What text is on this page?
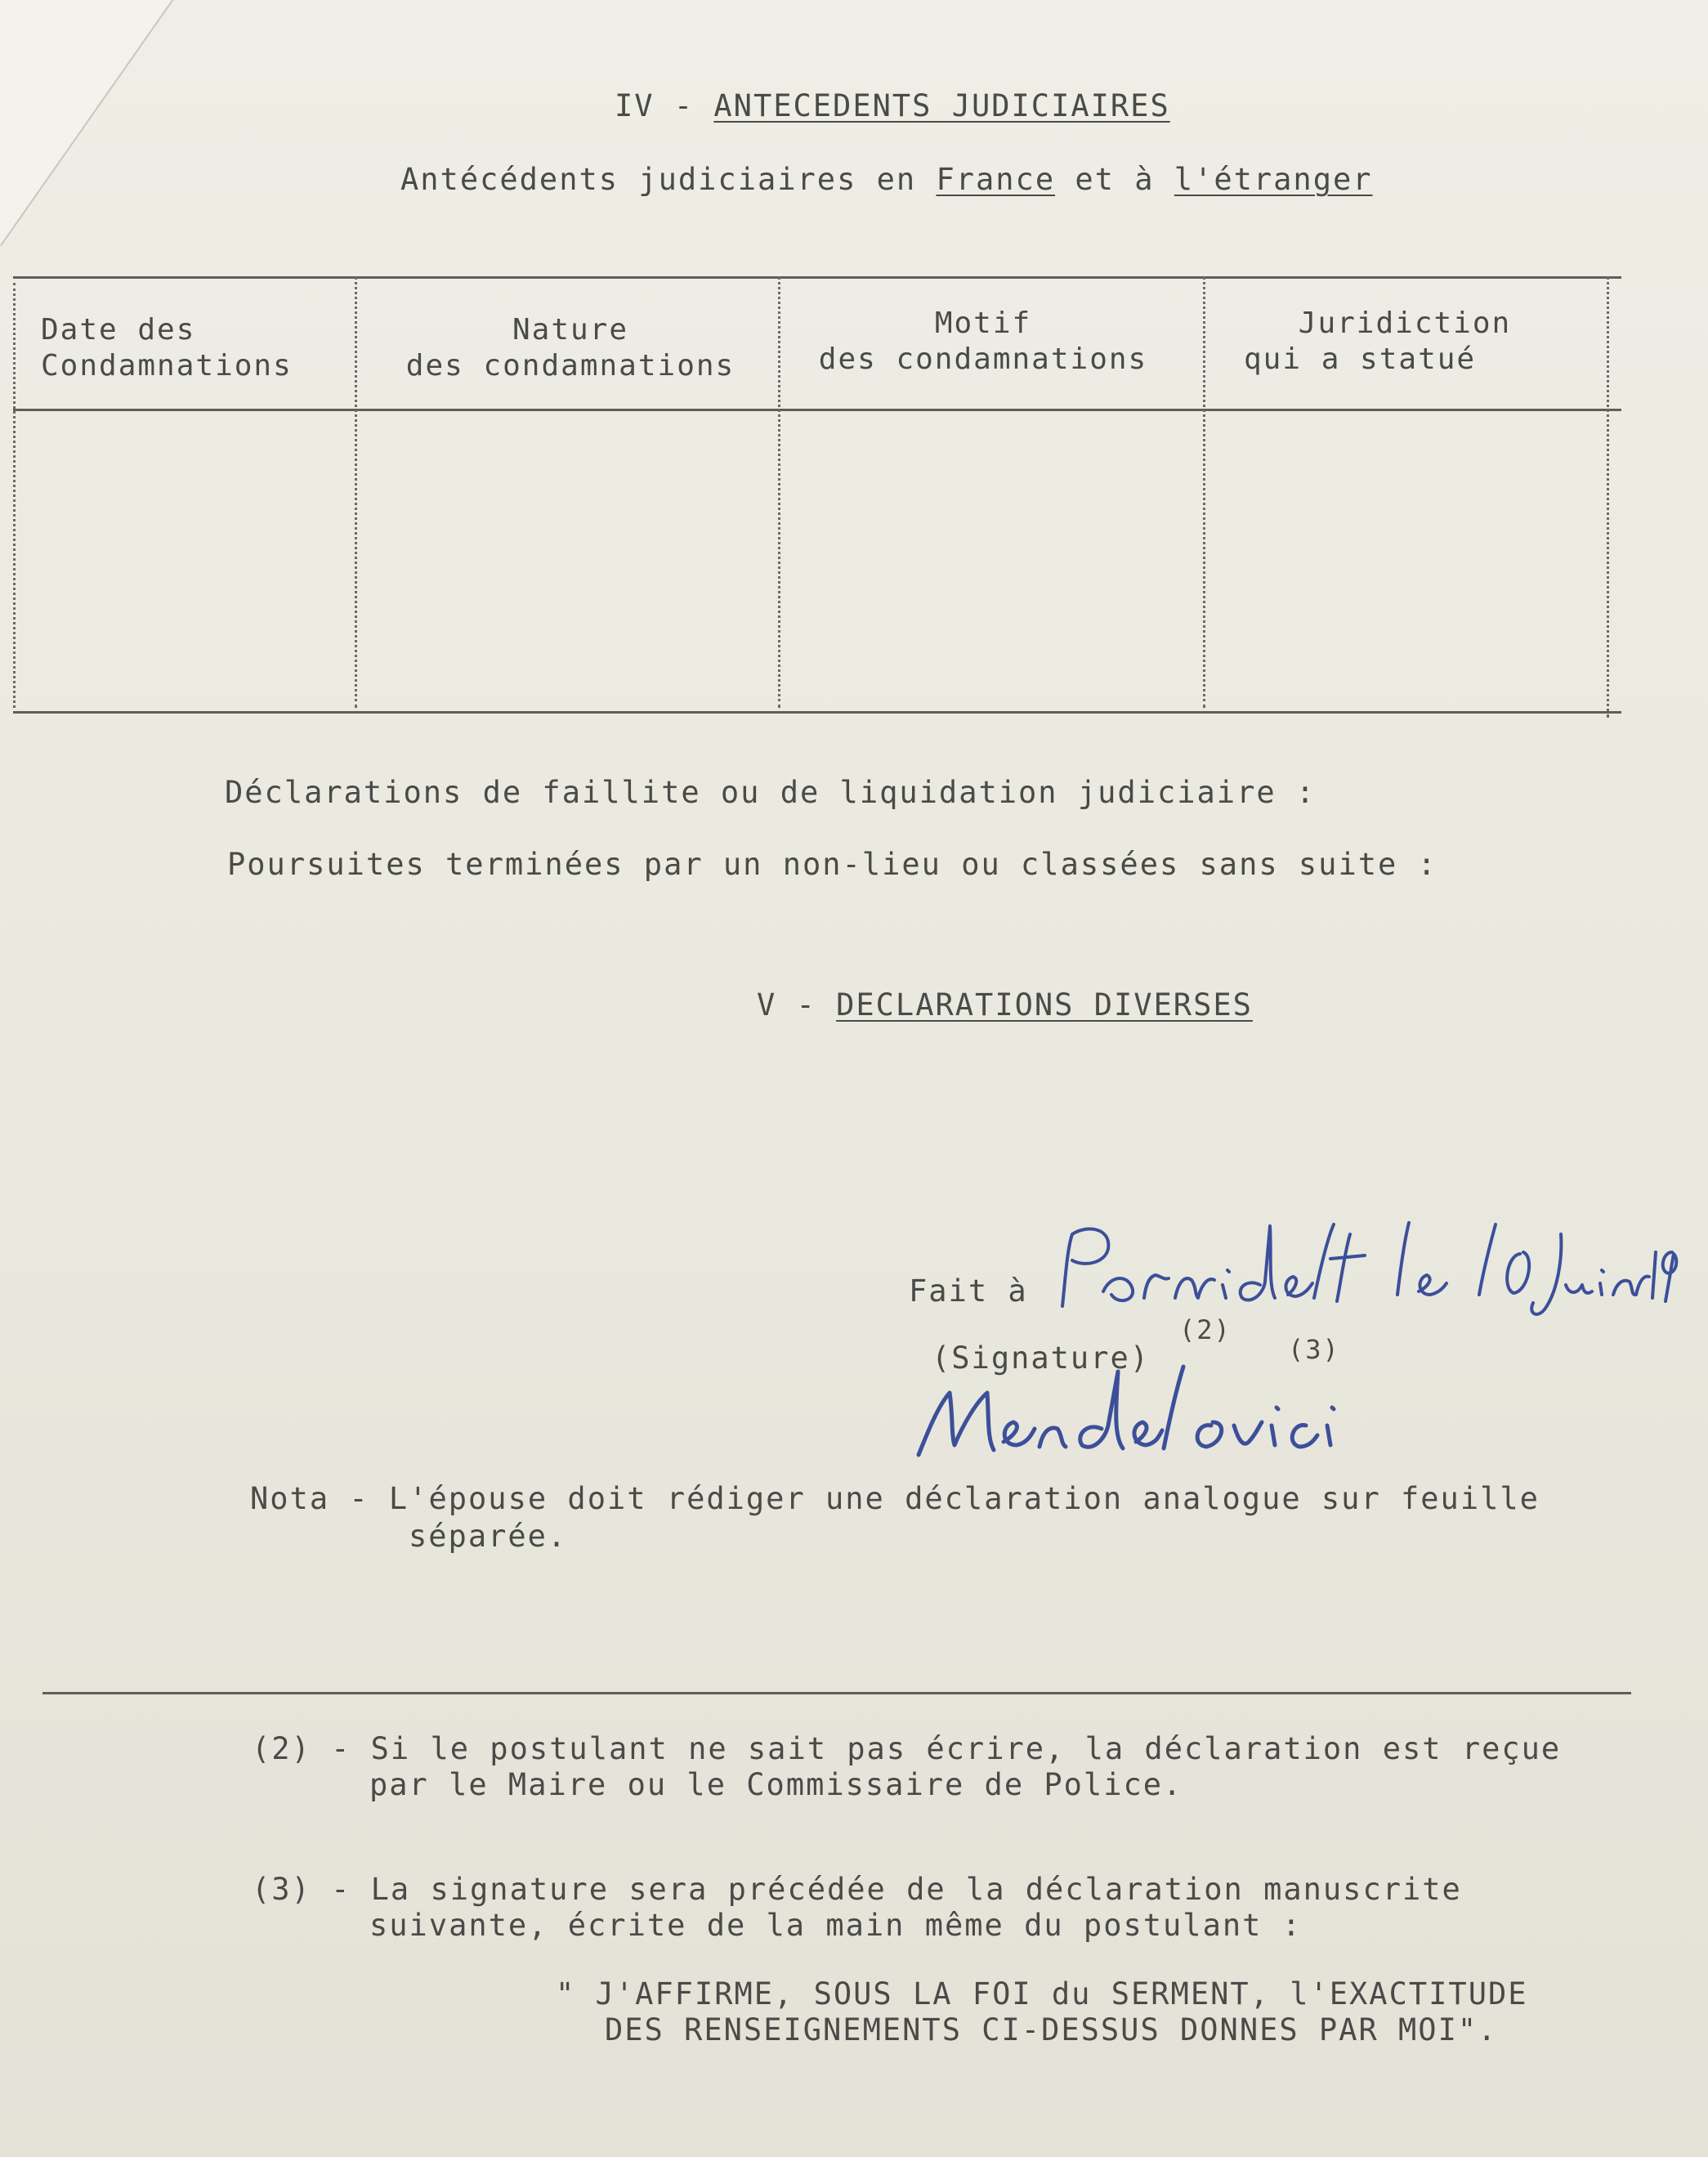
IV - ANTECEDENTS JUDICIAIRES
Antécédents judiciaires en France et à l'étranger
Date des
Condamnations
Nature
des condamnations
Motif
des condamnations
Juridiction
qui a statué
Déclarations de faillite ou de liquidation judiciaire :
Poursuites terminées par un non-lieu ou classées sans suite :
V - DECLARATIONS DIVERSES
Fait à
(Signature)
(2)
(3)
Nota - L'épouse doit rédiger une déclaration analogue sur feuille
séparée.
(2) - Si le postulant ne sait pas écrire, la déclaration est reçue
par le Maire ou le Commissaire de Police.
(3) - La signature sera précédée de la déclaration manuscrite
suivante, écrite de la main même du postulant :
" J'AFFIRME, SOUS LA FOI du SERMENT, l'EXACTITUDE
DES RENSEIGNEMENTS CI-DESSUS DONNES PAR MOI".
